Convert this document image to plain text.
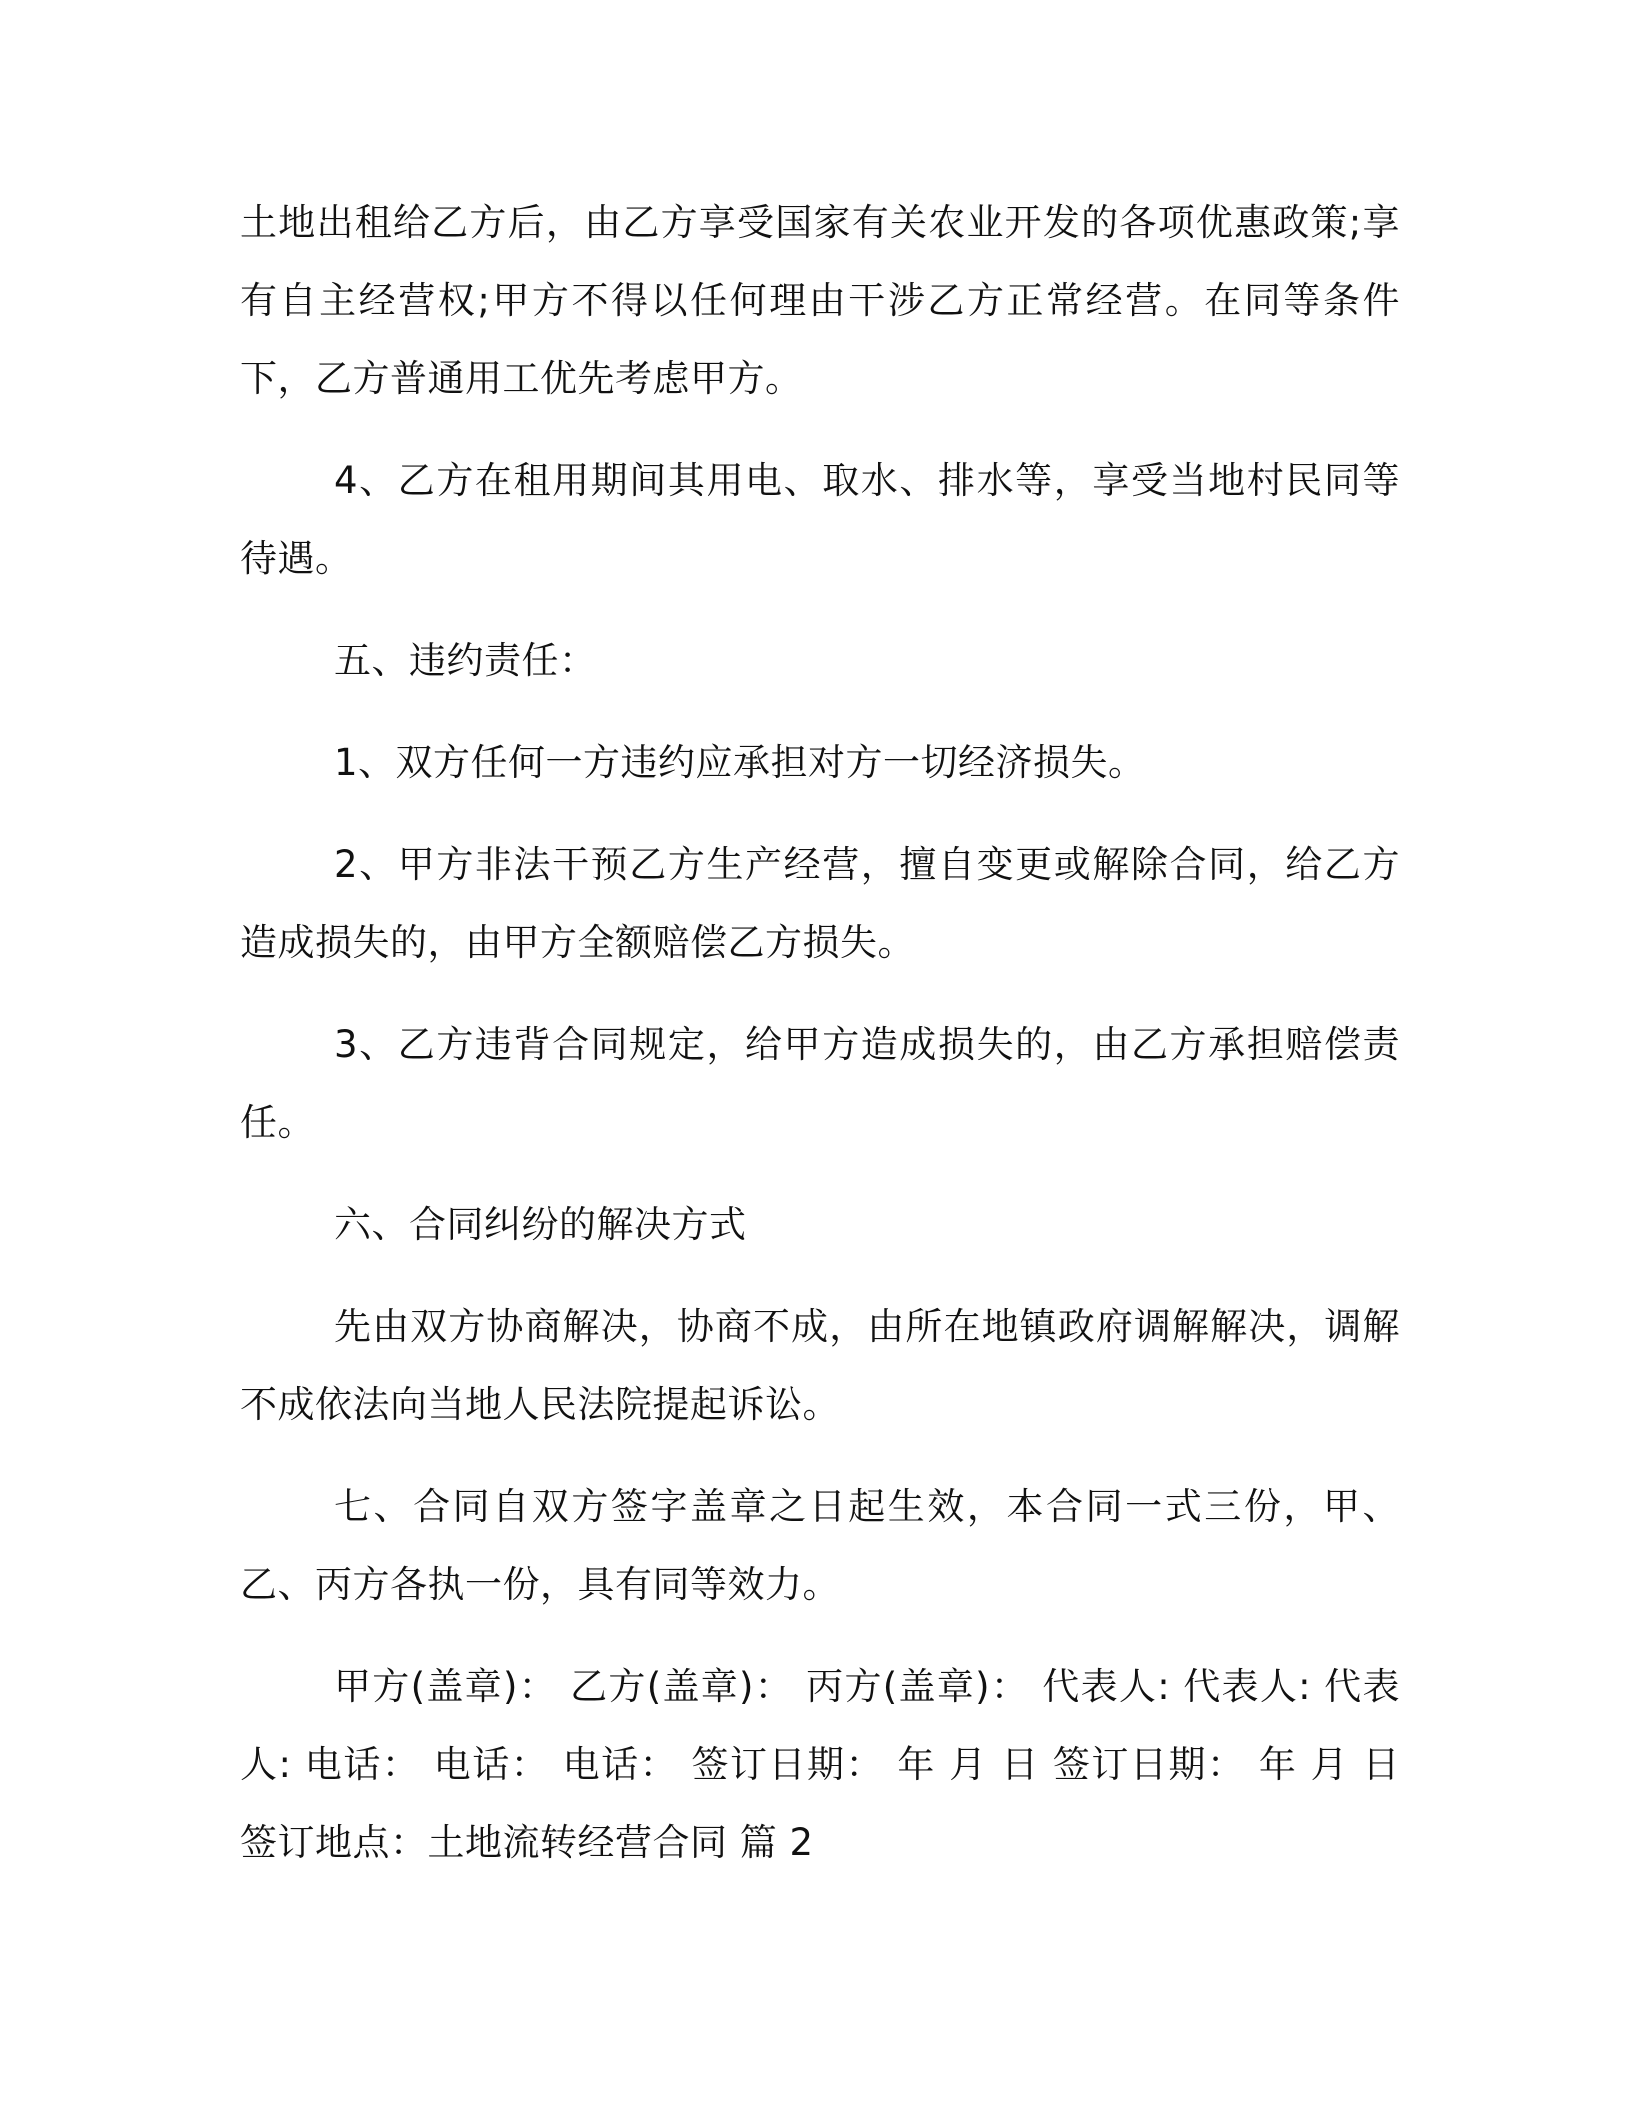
土地出租给乙方后，由乙方享受国家有关农业开发的各项优惠政策;享有自主经营权;甲方不得以任何理由干涉乙方正常经营。在同等条件下，乙方普通用工优先考虑甲方。

4、乙方在租用期间其用电、取水、排水等，享受当地村民同等待遇。

五、违约责任：

1、双方任何一方违约应承担对方一切经济损失。

2、甲方非法干预乙方生产经营，擅自变更或解除合同，给乙方造成损失的，由甲方全额赔偿乙方损失。

3、乙方违背合同规定，给甲方造成损失的，由乙方承担赔偿责任。

六、合同纠纷的解决方式

先由双方协商解决，协商不成，由所在地镇政府调解解决，调解不成依法向当地人民法院提起诉讼。

七、合同自双方签字盖章之日起生效，本合同一式三份，甲、乙、丙方各执一份，具有同等效力。

甲方(盖章)： 乙方(盖章)： 丙方(盖章)： 代表人: 代表人: 代表人: 电话： 电话： 电话： 签订日期： 年 月 日 签订日期： 年 月 日 签订地点：土地流转经营合同 篇 2
